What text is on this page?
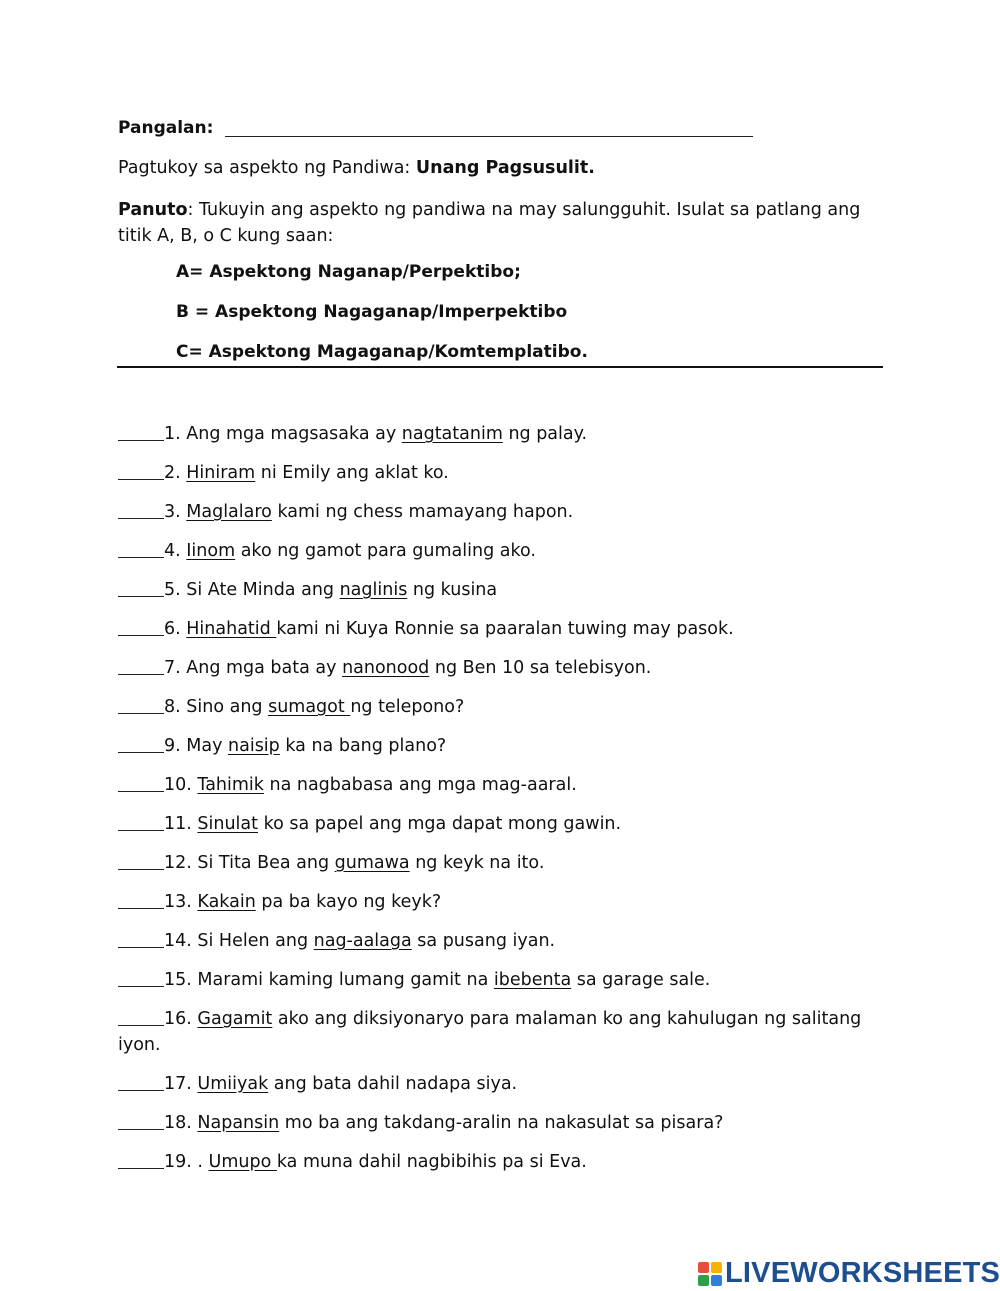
Pangalan:
Pagtukoy sa aspekto ng Pandiwa: Unang Pagsusulit.
Panuto: Tukuyin ang aspekto ng pandiwa na may salungguhit. Isulat sa patlang ang titik A, B, o C kung saan:
A= Aspektong Naganap/Perpektibo;
B = Aspektong Nagaganap/Imperpektibo
C= Aspektong Magaganap/Komtemplatibo.
1. Ang mga magsasaka ay nagtatanim ng palay.
2. Hiniram ni Emily ang aklat ko.
3. Maglalaro kami ng chess mamayang hapon.
4. Iinom ako ng gamot para gumaling ako.
5. Si Ate Minda ang naglinis ng kusina
6. Hinahatid kami ni Kuya Ronnie sa paaralan tuwing may pasok.
7. Ang mga bata ay nanonood ng Ben 10 sa telebisyon.
8. Sino ang sumagot ng telepono?
9. May naisip ka na bang plano?
10. Tahimik na nagbabasa ang mga mag-aaral.
11. Sinulat ko sa papel ang mga dapat mong gawin.
12. Si Tita Bea ang gumawa ng keyk na ito.
13. Kakain pa ba kayo ng keyk?
14. Si Helen ang nag-aalaga sa pusang iyan.
15. Marami kaming lumang gamit na ibebenta sa garage sale.
16. Gagamit ako ang diksiyonaryo para malaman ko ang kahulugan ng salitang iyon.
17. Umiiyak ang bata dahil nadapa siya.
18. Napansin mo ba ang takdang-aralin na nakasulat sa pisara?
19. . Umupo ka muna dahil nagbibihis pa si Eva.
LIVEWORKSHEETS
